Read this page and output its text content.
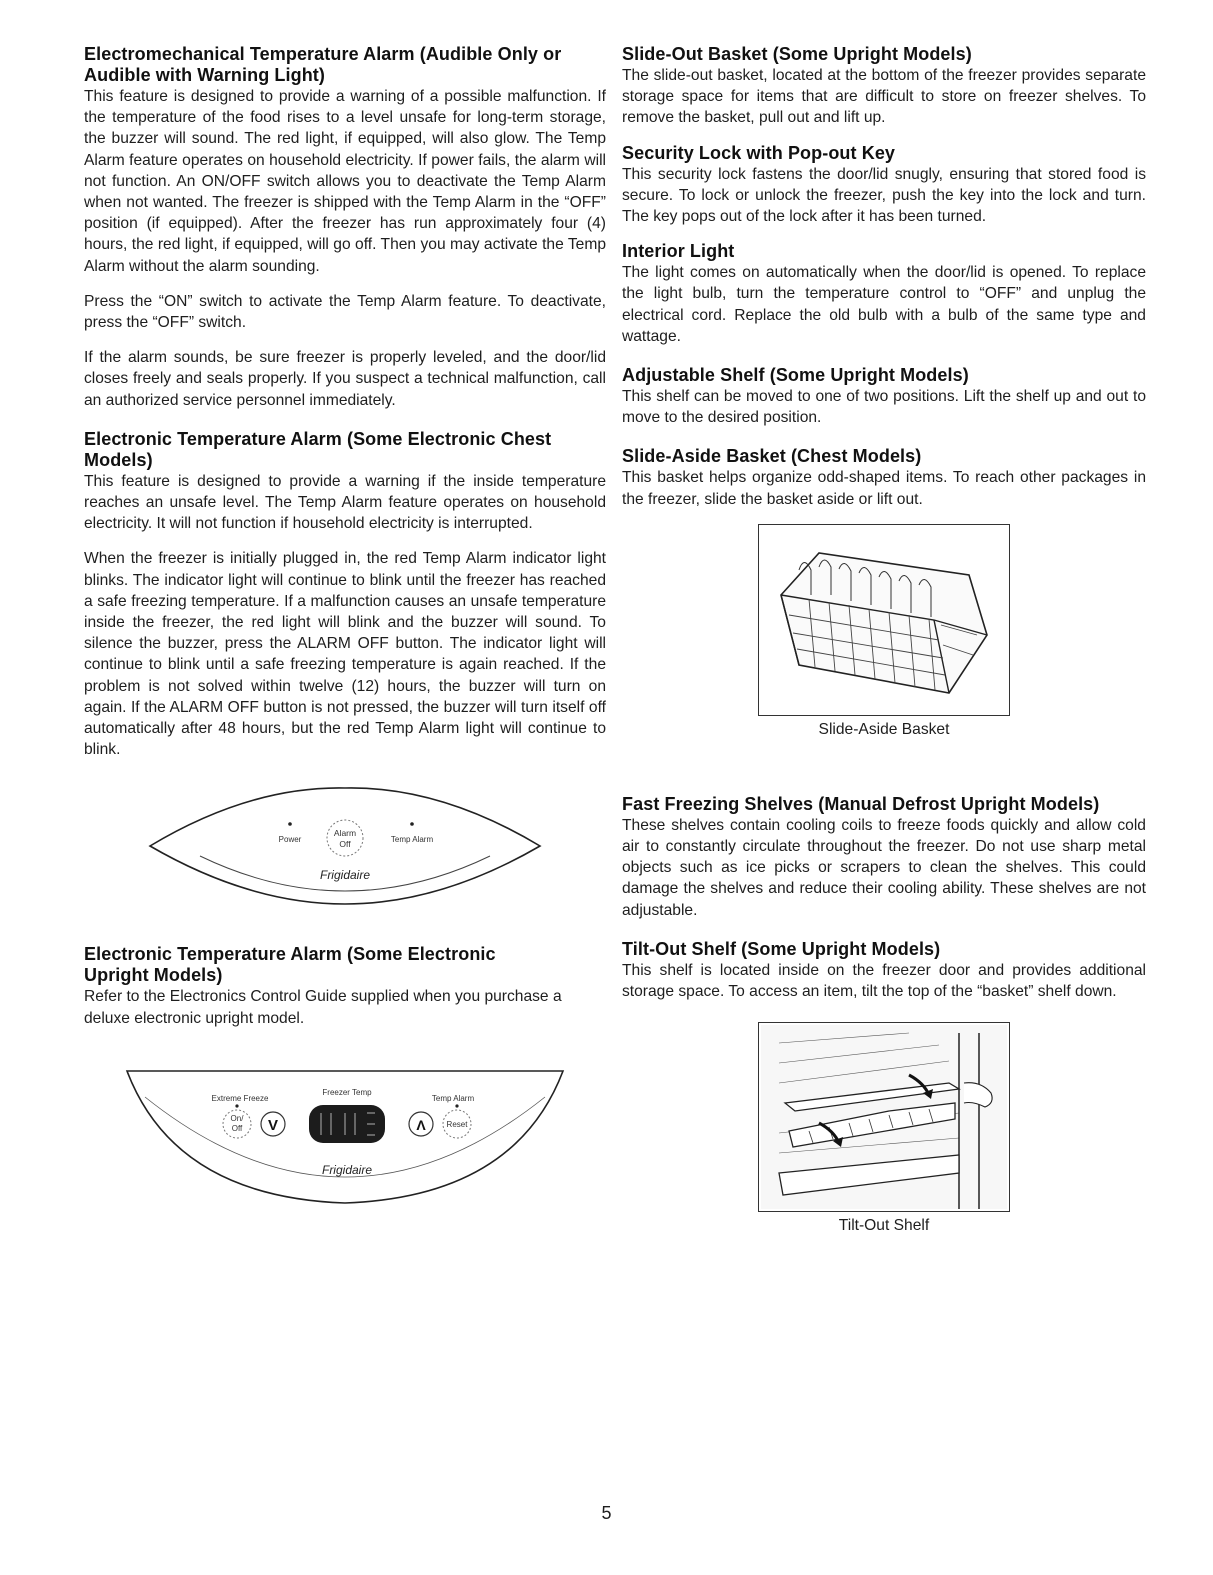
Electromechanical Temperature Alarm (Audible Only or Audible with Warning Light)

This feature is designed to provide a warning of a possible malfunction. If the temperature of the food rises to a level unsafe for long-term storage, the buzzer will sound. The red light, if equipped, will also glow. The Temp Alarm feature operates on household electricity. If power fails, the alarm will not function. An ON/OFF switch allows you to deactivate the Temp Alarm when not wanted. The freezer is shipped with the Temp Alarm in the “OFF” position (if equipped). After the freezer has run approximately four (4) hours, the red light, if equipped, will go off. Then you may activate the Temp Alarm without the alarm sounding.

Press the “ON” switch to activate the Temp Alarm feature. To deactivate, press the “OFF” switch.

If the alarm sounds, be sure freezer is properly leveled, and the door/lid closes freely and seals properly. If you suspect a technical malfunction, call an authorized service personnel immediately.

Electronic Temperature Alarm (Some Electronic Chest Models)

This feature is designed to provide a warning if the inside temperature reaches an unsafe level. The Temp Alarm feature operates on household electricity. It will not function if household electricity is interrupted.

When the freezer is initially plugged in, the red Temp Alarm indicator light blinks. The indicator light will continue to blink until the freezer has reached a safe freezing temperature. If a malfunction causes an unsafe temperature inside the freezer, the red light will blink and the buzzer will sound. To silence the buzzer, press the ALARM OFF button. The indicator light will continue to blink until a safe freezing temperature is again reached. If the problem is not solved within twelve (12) hours, the buzzer will turn on again. If the ALARM OFF button is not pressed, the buzzer will turn itself off automatically after 48 hours, but the red Temp Alarm light will continue to blink.

Power
Alarm
Off	Temp Alarm
Frigidaire
Electronic Temperature Alarm (Some Electronic Upright Models)

Refer to the Electronics Control Guide supplied when you purchase a deluxe electronic upright model.

Extreme Freeze
Freezer Temp
Temp Alarm
On/
Off V	Λ	Reset
Frigidaire
Slide-Out Basket (Some Upright Models)

The slide-out basket, located at the bottom of the freezer provides separate storage space for items that are difficult to store on freezer shelves. To remove the basket, pull out and lift up.

Security Lock with Pop-out Key

This security lock fastens the door/lid snugly, ensuring that stored food is secure. To lock or unlock the freezer, push the key into the lock and turn. The key pops out of the lock after it has been turned.

Interior Light

The light comes on automatically when the door/lid is opened. To replace the light bulb, turn the temperature control to “OFF” and unplug the electrical cord. Replace the old bulb with a bulb of the same type and wattage.

Adjustable Shelf (Some Upright Models)

This shelf can be moved to one of two positions. Lift the shelf up and out to move to the desired position.

Slide-Aside Basket (Chest Models)

This basket helps organize odd-shaped items. To reach other packages in the freezer, slide the basket aside or lift out.

Slide-Aside Basket
Fast Freezing Shelves (Manual Defrost Upright Models)

These shelves contain cooling coils to freeze foods quickly and allow cold air to constantly circulate throughout the freezer. Do not use sharp metal objects such as ice picks or scrapers to clean the shelves. This could damage the shelves and reduce their cooling ability. These shelves are not adjustable.

Tilt-Out Shelf (Some Upright Models)

This shelf is located inside on the freezer door and provides additional storage space. To access an item, tilt the top of the “basket” shelf down.

Tilt-Out Shelf
5
